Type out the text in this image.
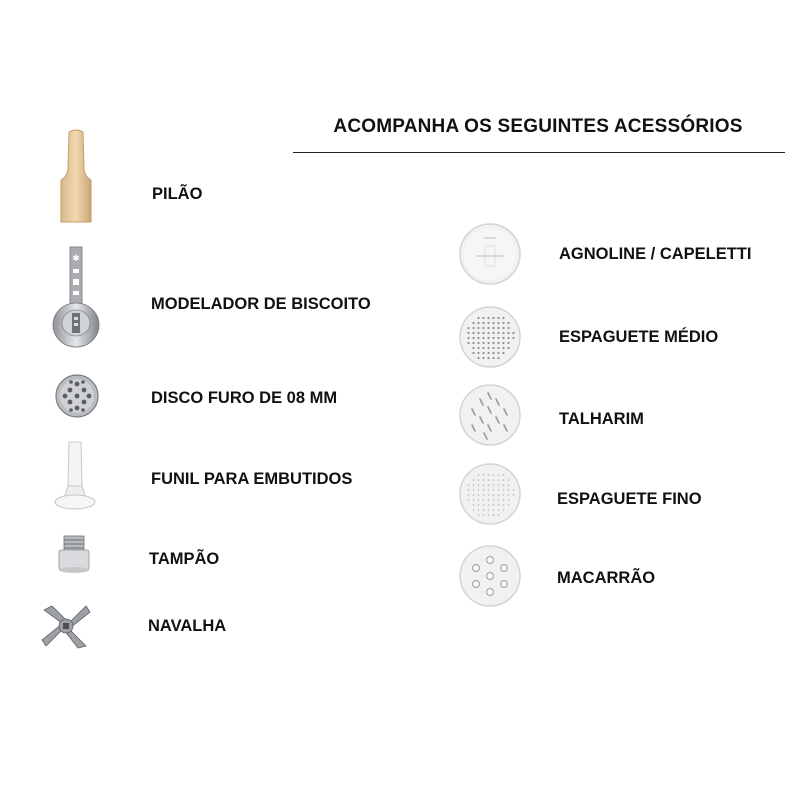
ACOMPANHA OS SEGUINTES ACESSÓRIOS
PILÃO
✱
MODELADOR DE BISCOITO
DISCO FURO DE 08 MM
FUNIL PARA EMBUTIDOS
TAMPÃO
NAVALHA
AGNOLINE / CAPELETTI
ESPAGUETE MÉDIO
TALHARIM
ESPAGUETE FINO
MACARRÃO
